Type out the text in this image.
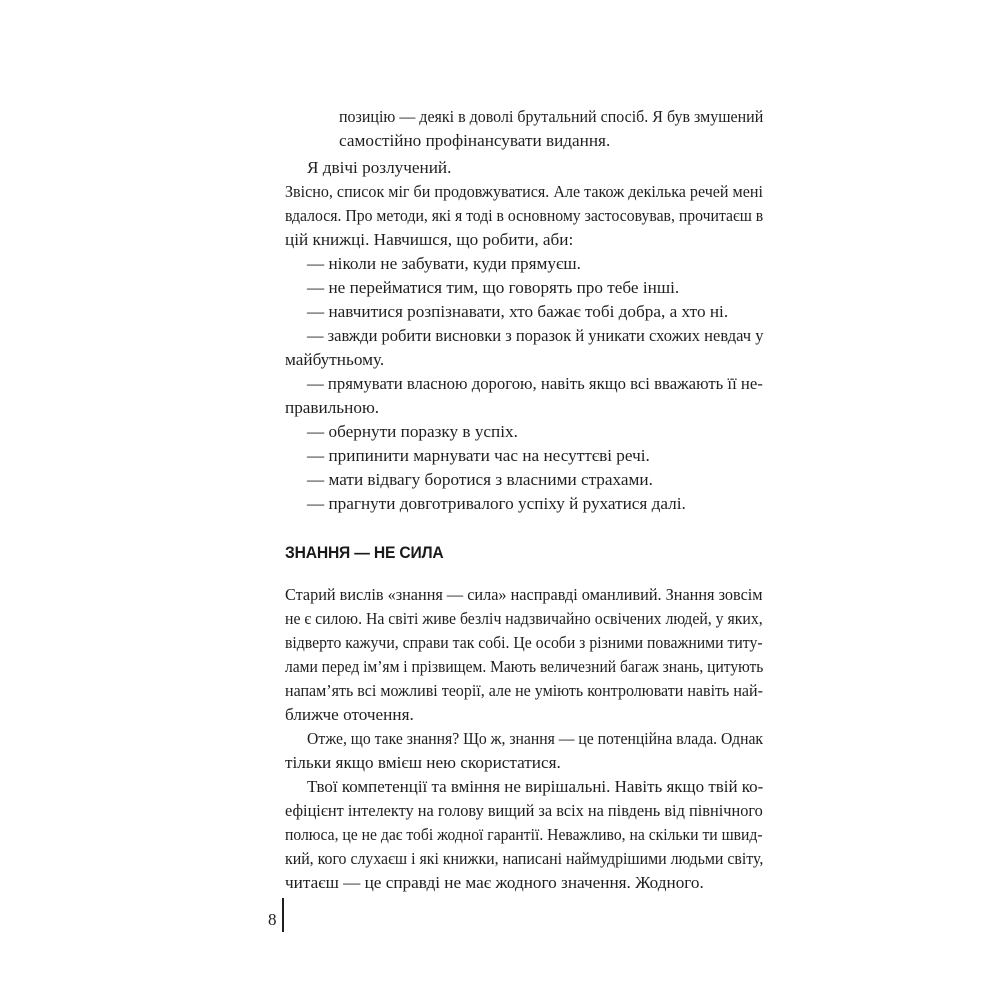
позицію — деякі в доволі брутальний спосіб. Я був змушений
самостійно профінансувати видання.
Я двічі розлучений.
Звісно, список міг би продовжуватися. Але також декілька речей мені
вдалося. Про методи, які я тоді в основному застосовував, прочитаєш в
цій книжці. Навчишся, що робити, аби:
— ніколи не забувати, куди прямуєш.
— не перейматися тим, що говорять про тебе інші.
— навчитися розпізнавати, хто бажає тобі добра, а хто ні.
— завжди робити висновки з поразок й уникати схожих невдач у
майбутньому.
— прямувати власною дорогою, навіть якщо всі вважають її не-
правильною.
— обернути поразку в успіх.
— припинити марнувати час на несуттєві речі.
— мати відвагу боротися з власними страхами.
— прагнути довготривалого успіху й рухатися далі.
ЗНАННЯ — НЕ СИЛА
Старий вислів «знання — сила» насправді оманливий. Знання зовсім
не є силою. На світі живе безліч надзвичайно освічених людей, у яких,
відверто кажучи, справи так собі. Це особи з різними поважними титу-
лами перед ім’ям і прізвищем. Мають величезний багаж знань, цитують
напам’ять всі можливі теорії, але не уміють контролювати навіть най-
ближче оточення.
Отже, що таке знання? Що ж, знання — це потенційна влада. Однак
тільки якщо вмієш нею скористатися.
Твої компетенції та вміння не вирішальні. Навіть якщо твій ко-
ефіцієнт інтелекту на голову вищий за всіх на південь від північного
полюса, це не дає тобі жодної гарантії. Неважливо, на скільки ти швид-
кий, кого слухаєш і які книжки, написані наймудрішими людьми світу,
читаєш — це справді не має жодного значення. Жодного.
8
